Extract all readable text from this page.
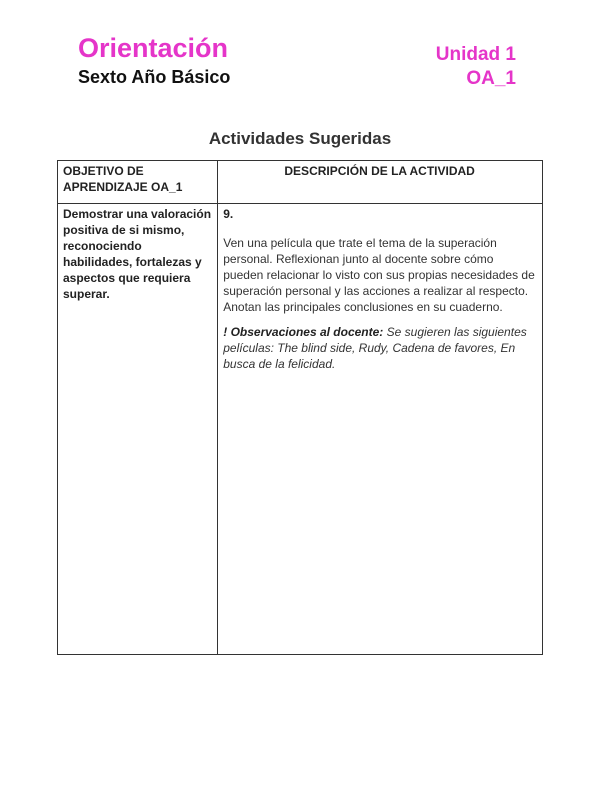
Orientación
Sexto Año Básico
Unidad 1
OA_1
Actividades Sugeridas
OBJETIVO DE APRENDIZAJE OA_1	DESCRIPCIÓN DE LA ACTIVIDAD
Demostrar una valoración positiva de si mismo, reconociendo habilidades, fortalezas y aspectos que requiera superar.	9.

Ven una película que trate el tema de la superación personal. Reflexionan junto al docente sobre cómo pueden relacionar lo visto con sus propias necesidades de superación personal y las acciones a realizar al respecto. Anotan las principales conclusiones en su cuaderno.

! Observaciones al docente: Se sugieren las siguientes películas: The blind side, Rudy, Cadena de favores, En busca de la felicidad.
